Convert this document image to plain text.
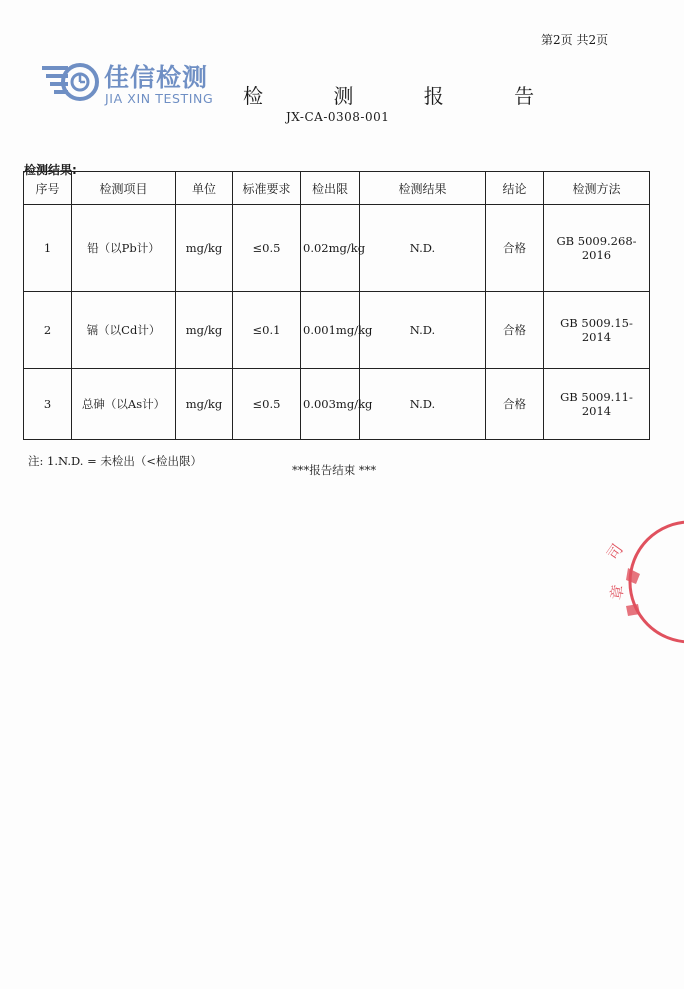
第2页 共2页
佳信检测
JIA XIN TESTING 检 测 报 告
JX-CA-0308-001
检测结果:
序号	检测项目	单位	标准要求	检出限	检测结果	结论	检测方法
1	铅（以Pb计）	mg/kg	≤0.5	0.02mg/kg	N.D.	合格	GB 5009.268-2016
2	镉（以Cd计）	mg/kg	≤0.1	0.001mg/kg	N.D.	合格	GB 5009.15-2014
3	总砷（以As计）	mg/kg	≤0.5	0.003mg/kg	N.D.	合格	GB 5009.11-2014
注: 1.N.D. = 未检出（<检出限）
***报告结束 ***
司
章
